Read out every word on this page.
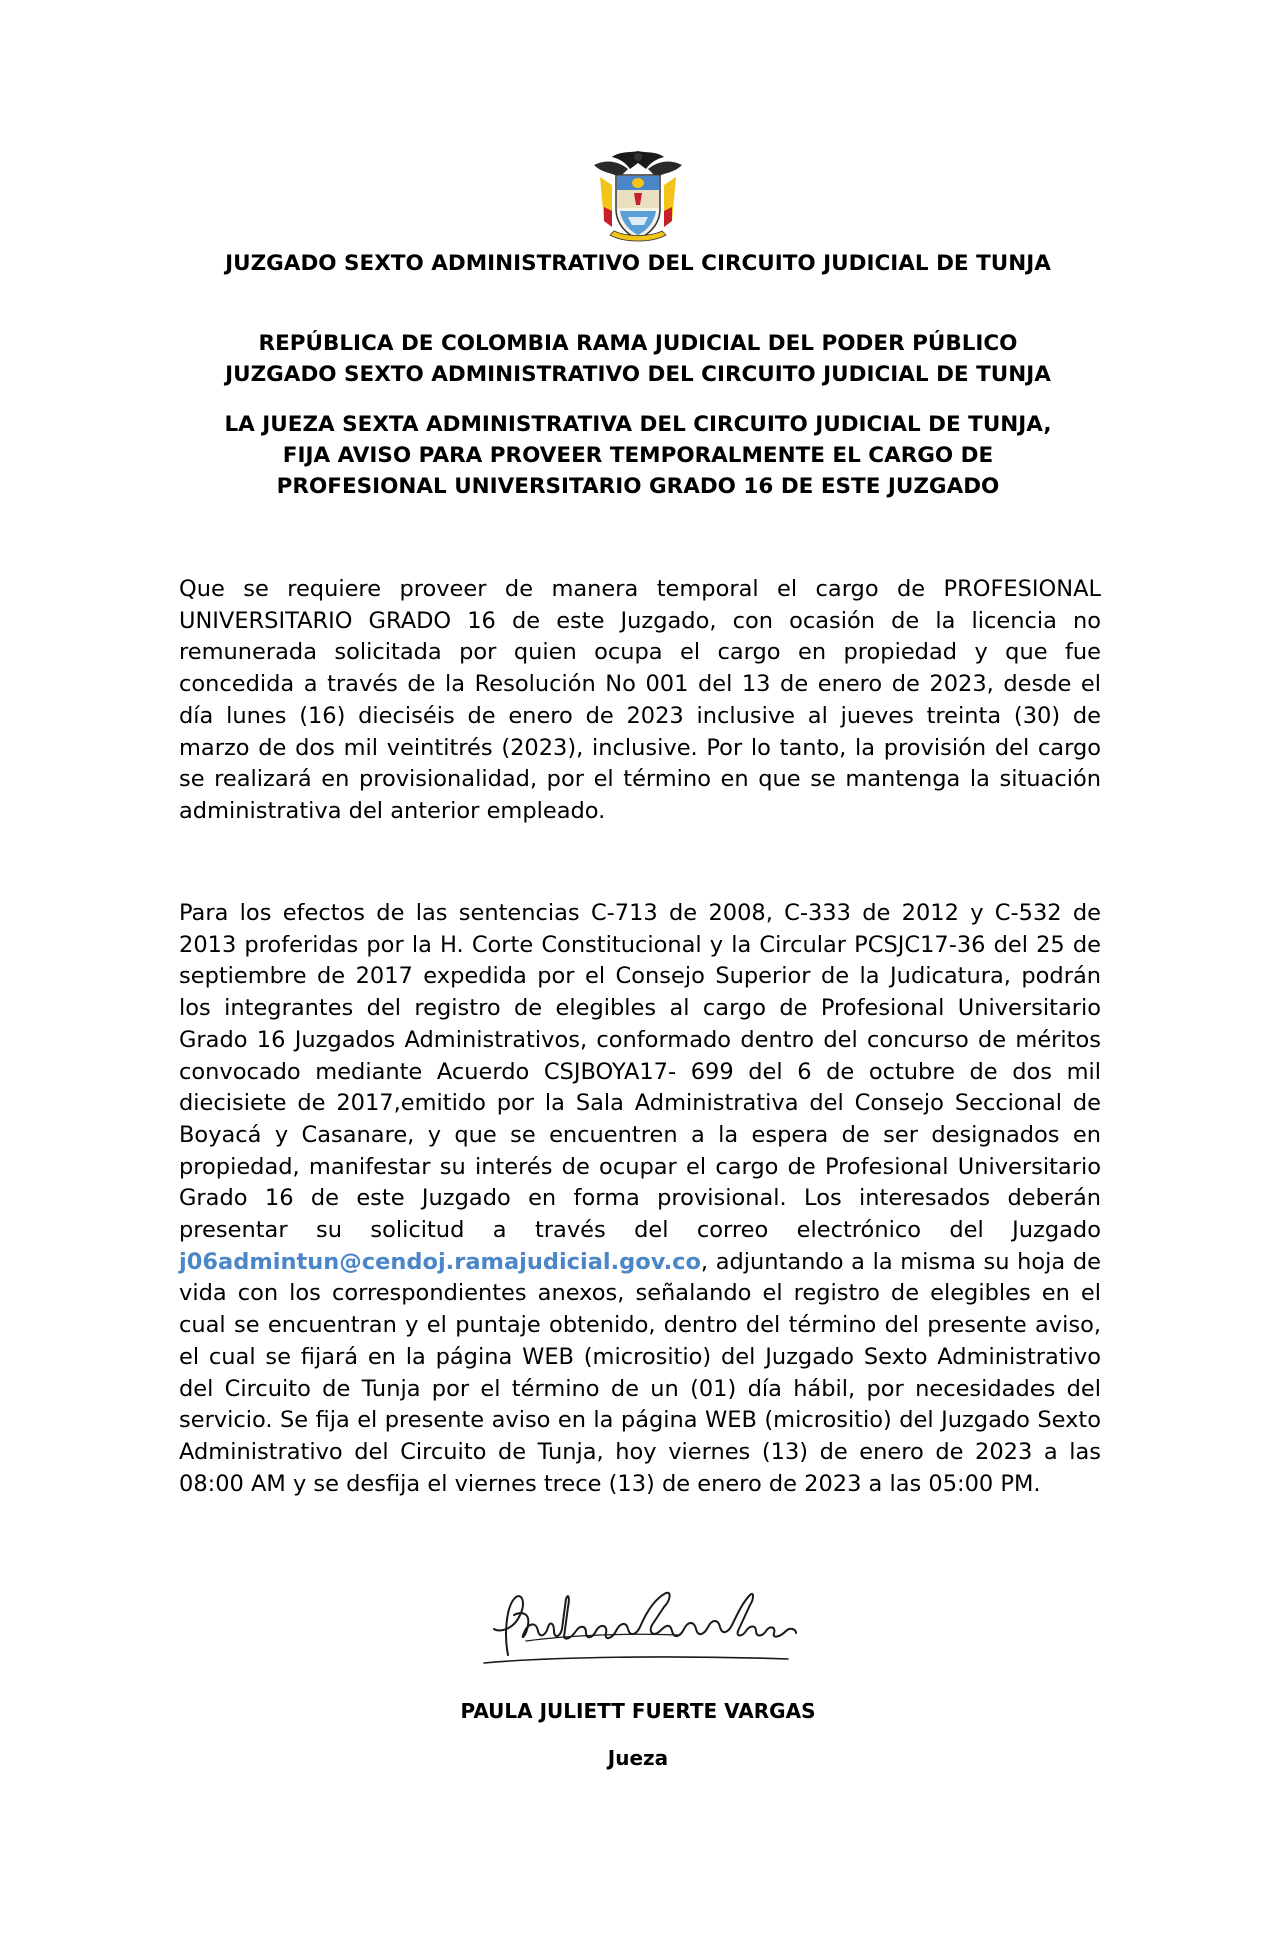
JUZGADO SEXTO ADMINISTRATIVO DEL CIRCUITO JUDICIAL DE TUNJA
REPÚBLICA DE COLOMBIA RAMA JUDICIAL DEL PODER PÚBLICO
JUZGADO SEXTO ADMINISTRATIVO DEL CIRCUITO JUDICIAL DE TUNJA
LA JUEZA SEXTA ADMINISTRATIVA DEL CIRCUITO JUDICIAL DE TUNJA,
FIJA AVISO PARA PROVEER TEMPORALMENTE EL CARGO DE
PROFESIONAL UNIVERSITARIO GRADO 16 DE ESTE JUZGADO

Que se requiere proveer de manera temporal el cargo de PROFESIONAL UNIVERSITARIO GRADO 16 de este Juzgado, con ocasión de la licencia no remunerada solicitada por quien ocupa el cargo en propiedad y que fue concedida a través de la Resolución No 001 del 13 de enero de 2023, desde el día lunes (16) dieciséis de enero de 2023 inclusive al jueves treinta (30) de marzo de dos mil veintitrés (2023), inclusive. Por lo tanto, la provisión del cargo se realizará en provisionalidad, por el término en que se mantenga la situación administrativa del anterior empleado.

Para los efectos de las sentencias C-713 de 2008, C-333 de 2012 y C-532 de 2013 proferidas por la H. Corte Constitucional y la Circular PCSJC17-36 del 25 de septiembre de 2017 expedida por el Consejo Superior de la Judicatura, podrán los integrantes del registro de elegibles al cargo de Profesional Universitario Grado 16 Juzgados Administrativos, conformado dentro del concurso de méritos convocado mediante Acuerdo CSJBOYA17- 699 del 6 de octubre de dos mil diecisiete de 2017,emitido por la Sala Administrativa del Consejo Seccional de Boyacá y Casanare, y que se encuentren a la espera de ser designados en propiedad, manifestar su interés de ocupar el cargo de Profesional Universitario Grado 16 de este Juzgado en forma provisional. Los interesados deberán presentar su solicitud a través del correo electrónico del Juzgado j06admintun@cendoj.ramajudicial.gov.co, adjuntando a la misma su hoja de vida con los correspondientes anexos, señalando el registro de elegibles en el cual se encuentran y el puntaje obtenido, dentro del término del presente aviso, el cual se fijará en la página WEB (micrositio) del Juzgado Sexto Administrativo del Circuito de Tunja por el término de un (01) día hábil, por necesidades del servicio. Se fija el presente aviso en la página WEB (micrositio) del Juzgado Sexto Administrativo del Circuito de Tunja, hoy viernes (13) de enero de 2023 a las 08:00 AM y se desfija el viernes trece (13) de enero de 2023 a las 05:00 PM.

PAULA JULIETT FUERTE VARGAS
Jueza
